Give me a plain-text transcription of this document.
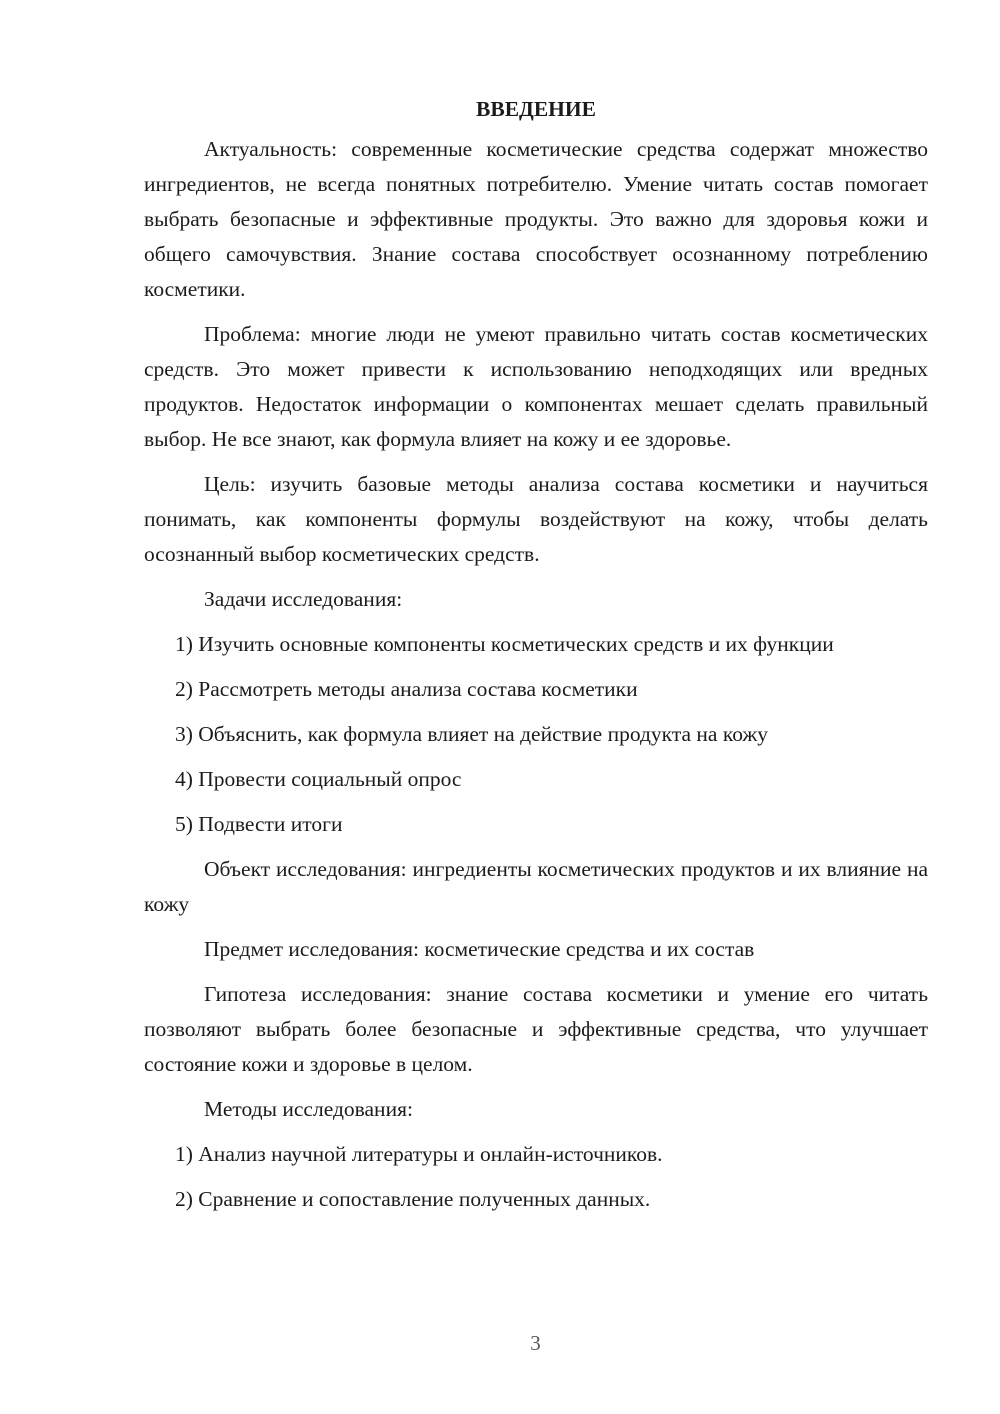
ВВЕДЕНИЕ

Актуальность: современные косметические средства содержат множество ингредиентов, не всегда понятных потребителю. Умение читать состав помогает выбрать безопасные и эффективные продукты. Это важно для здоровья кожи и общего самочувствия. Знание состава способствует осознанному потреблению косметики.

Проблема: многие люди не умеют правильно читать состав косметических средств. Это может привести к использованию неподходящих или вредных продуктов. Недостаток информации о компонентах мешает сделать правильный выбор. Не все знают, как формула влияет на кожу и ее здоровье.

Цель: изучить базовые методы анализа состава косметики и научиться понимать, как компоненты формулы воздействуют на кожу, чтобы делать осознанный выбор косметических средств.

Задачи исследования:

1) Изучить основные компоненты косметических средств и их функции

2) Рассмотреть методы анализа состава косметики

3) Объяснить, как формула влияет на действие продукта на кожу

4) Провести социальный опрос

5) Подвести итоги

Объект исследования: ингредиенты косметических продуктов и их влияние на кожу

Предмет исследования: косметические средства и их состав

Гипотеза исследования: знание состава косметики и умение его читать позволяют выбрать более безопасные и эффективные средства, что улучшает состояние кожи и здоровье в целом.

Методы исследования:

1) Анализ научной литературы и онлайн-источников.

2) Сравнение и сопоставление полученных данных.

3
